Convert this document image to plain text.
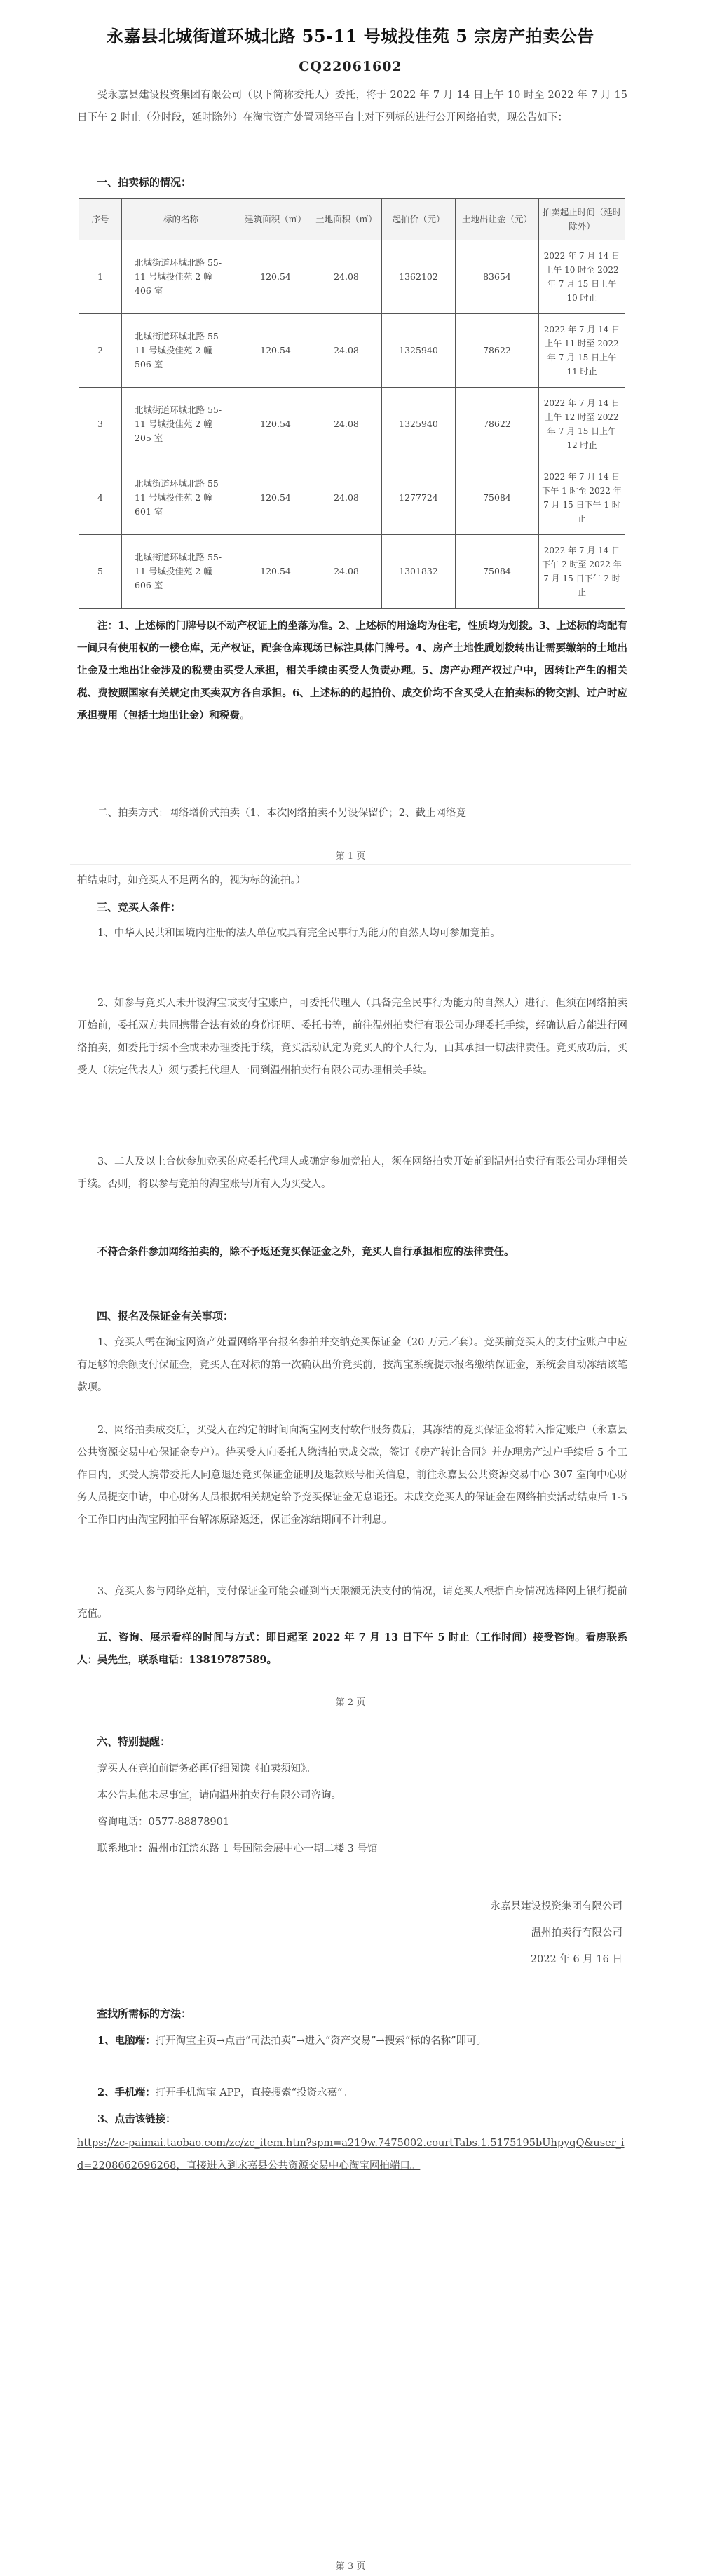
永嘉县北城街道环城北路 55-11 号城投佳苑 5 宗房产拍卖公告
CQ22061602

受永嘉县建设投资集团有限公司（以下简称委托人）委托，将于 2022 年 7 月 14 日上午 10 时至 2022 年 7 月 15 日下午 2 时止（分时段，延时除外）在淘宝资产处置网络平台上对下列标的进行公开网络拍卖，现公告如下：

一、拍卖标的情况：
序号	标的名称	建筑面积（㎡）	土地面积（㎡）	起拍价（元）	土地出让金（元）	拍卖起止时间（延时除外）
1	北城街道环城北路 55-11 号城投佳苑 2 幢 406 室	120.54	24.08	1362102	83654	2022 年 7 月 14 日上午 10 时至 2022 年 7 月 15 日上午 10 时止
2	北城街道环城北路 55-11 号城投佳苑 2 幢 506 室	120.54	24.08	1325940	78622	2022 年 7 月 14 日上午 11 时至 2022 年 7 月 15 日上午 11 时止
3	北城街道环城北路 55-11 号城投佳苑 2 幢 205 室	120.54	24.08	1325940	78622	2022 年 7 月 14 日上午 12 时至 2022 年 7 月 15 日上午 12 时止
4	北城街道环城北路 55-11 号城投佳苑 2 幢 601 室	120.54	24.08	1277724	75084	2022 年 7 月 14 日下午 1 时至 2022 年 7 月 15 日下午 1 时止
5	北城街道环城北路 55-11 号城投佳苑 2 幢 606 室	120.54	24.08	1301832	75084	2022 年 7 月 14 日下午 2 时至 2022 年 7 月 15 日下午 2 时止

注：1、上述标的门牌号以不动产权证上的坐落为准。2、上述标的用途均为住宅，性质均为划拨。3、上述标的均配有一间只有使用权的一楼仓库，无产权证，配套仓库现场已标注具体门牌号。4、房产土地性质划拨转出让需要缴纳的土地出让金及土地出让金涉及的税费由买受人承担，相关手续由买受人负责办理。5、房产办理产权过户中，因转让产生的相关税、费按照国家有关规定由买卖双方各自承担。6、上述标的的起拍价、成交价均不含买受人在拍卖标的物交割、过户时应承担费用（包括土地出让金）和税费。

二、拍卖方式：网络增价式拍卖（1、本次网络拍卖不另设保留价；2、截止网络竞

第 1 页

拍结束时，如竞买人不足两名的，视为标的流拍。）

三、竞买人条件：

1、中华人民共和国境内注册的法人单位或具有完全民事行为能力的自然人均可参加竞拍。

2、如参与竞买人未开设淘宝或支付宝账户，可委托代理人（具备完全民事行为能力的自然人）进行，但须在网络拍卖开始前，委托双方共同携带合法有效的身份证明、委托书等，前往温州拍卖行有限公司办理委托手续，经确认后方能进行网络拍卖，如委托手续不全或未办理委托手续，竞买活动认定为竞买人的个人行为，由其承担一切法律责任。竞买成功后，买受人（法定代表人）须与委托代理人一同到温州拍卖行有限公司办理相关手续。

3、二人及以上合伙参加竞买的应委托代理人或确定参加竞拍人，须在网络拍卖开始前到温州拍卖行有限公司办理相关手续。否则，将以参与竞拍的淘宝账号所有人为买受人。

不符合条件参加网络拍卖的，除不予返还竞买保证金之外，竞买人自行承担相应的法律责任。

四、报名及保证金有关事项：

1、竞买人需在淘宝网资产处置网络平台报名参拍并交纳竞买保证金（20 万元／套）。竞买前竞买人的支付宝账户中应有足够的余额支付保证金，竞买人在对标的第一次确认出价竞买前，按淘宝系统提示报名缴纳保证金，系统会自动冻结该笔款项。

2、网络拍卖成交后，买受人在约定的时间向淘宝网支付软件服务费后，其冻结的竞买保证金将转入指定账户（永嘉县公共资源交易中心保证金专户）。待买受人向委托人缴清拍卖成交款，签订《房产转让合同》并办理房产过户手续后 5 个工作日内，买受人携带委托人同意退还竞买保证金证明及退款账号相关信息，前往永嘉县公共资源交易中心 307 室向中心财务人员提交申请，中心财务人员根据相关规定给予竞买保证金无息退还。未成交竞买人的保证金在网络拍卖活动结束后 1-5 个工作日内由淘宝网拍平台解冻原路返还，保证金冻结期间不计利息。

3、竞买人参与网络竞拍，支付保证金可能会碰到当天限额无法支付的情况，请竞买人根据自身情况选择网上银行提前充值。

五、咨询、展示看样的时间与方式：即日起至 2022 年 7 月 13 日下午 5 时止（工作时间）接受咨询。看房联系人：吴先生，联系电话：13819787589。

第 2 页
六、特别提醒：

竞买人在竞拍前请务必再仔细阅读《拍卖须知》。

本公告其他未尽事宜，请向温州拍卖行有限公司咨询。

咨询电话：0577-88878901

联系地址：温州市江滨东路 1 号国际会展中心一期二楼 3 号馆

永嘉县建设投资集团有限公司
温州拍卖行有限公司
2022 年 6 月 16 日
查找所需标的方法：

1、电脑端：打开淘宝主页→点击“司法拍卖”→进入“资产交易”→搜索“标的名称”即可。

2、手机端：打开手机淘宝 APP，直接搜索“投资永嘉”。

3、点击该链接：

https://zc-paimai.taobao.com/zc/zc_item.htm?spm=a219w.7475002.courtTabs.1.5175195bUhpyqQ&user_id=2208662696268，直接进入到永嘉县公共资源交易中心淘宝网拍端口。

第 3 页
